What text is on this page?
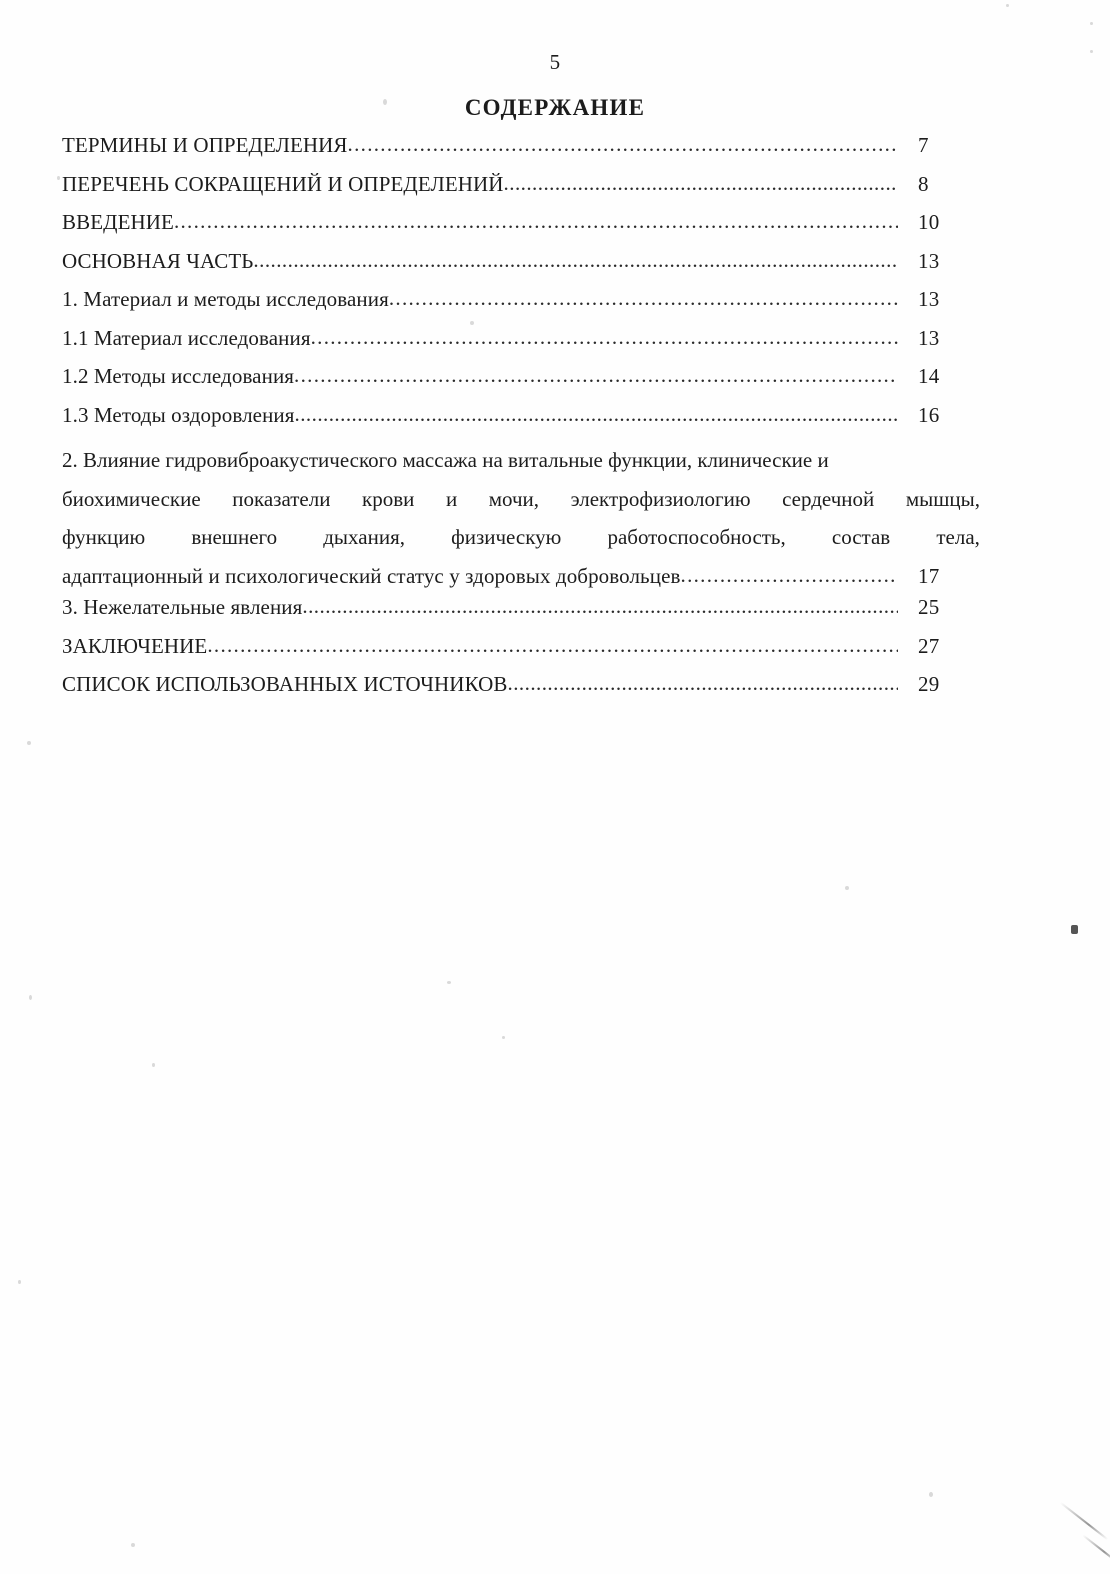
5
СОДЕРЖАНИЕ
ТЕРМИНЫ И ОПРЕДЕЛЕНИЯ .....	7
ПЕРЕЧЕНЬ СОКРАЩЕНИЙ И ОПРЕДЕЛЕНИЙ .....	8
ВВЕДЕНИЕ .....	10
ОСНОВНАЯ ЧАСТЬ .....	13
1. Материал и методы исследования .....	13
1.1 Материал исследования .....	13
1.2 Методы исследования .....	14
1.3 Методы оздоровления .....	16
2. Влияние гидровиброакустического массажа на витальные функции, клинические и
биохимические показатели крови и мочи, электрофизиологию сердечной мышцы,
функцию внешнего дыхания, физическую работоспособность, состав тела,
адаптационный и психологический статус у здоровых добровольцев .....	17
3. Нежелательные явления .....	25
ЗАКЛЮЧЕНИЕ .....	27
СПИСОК ИСПОЛЬЗОВАННЫХ ИСТОЧНИКОВ .....	29
